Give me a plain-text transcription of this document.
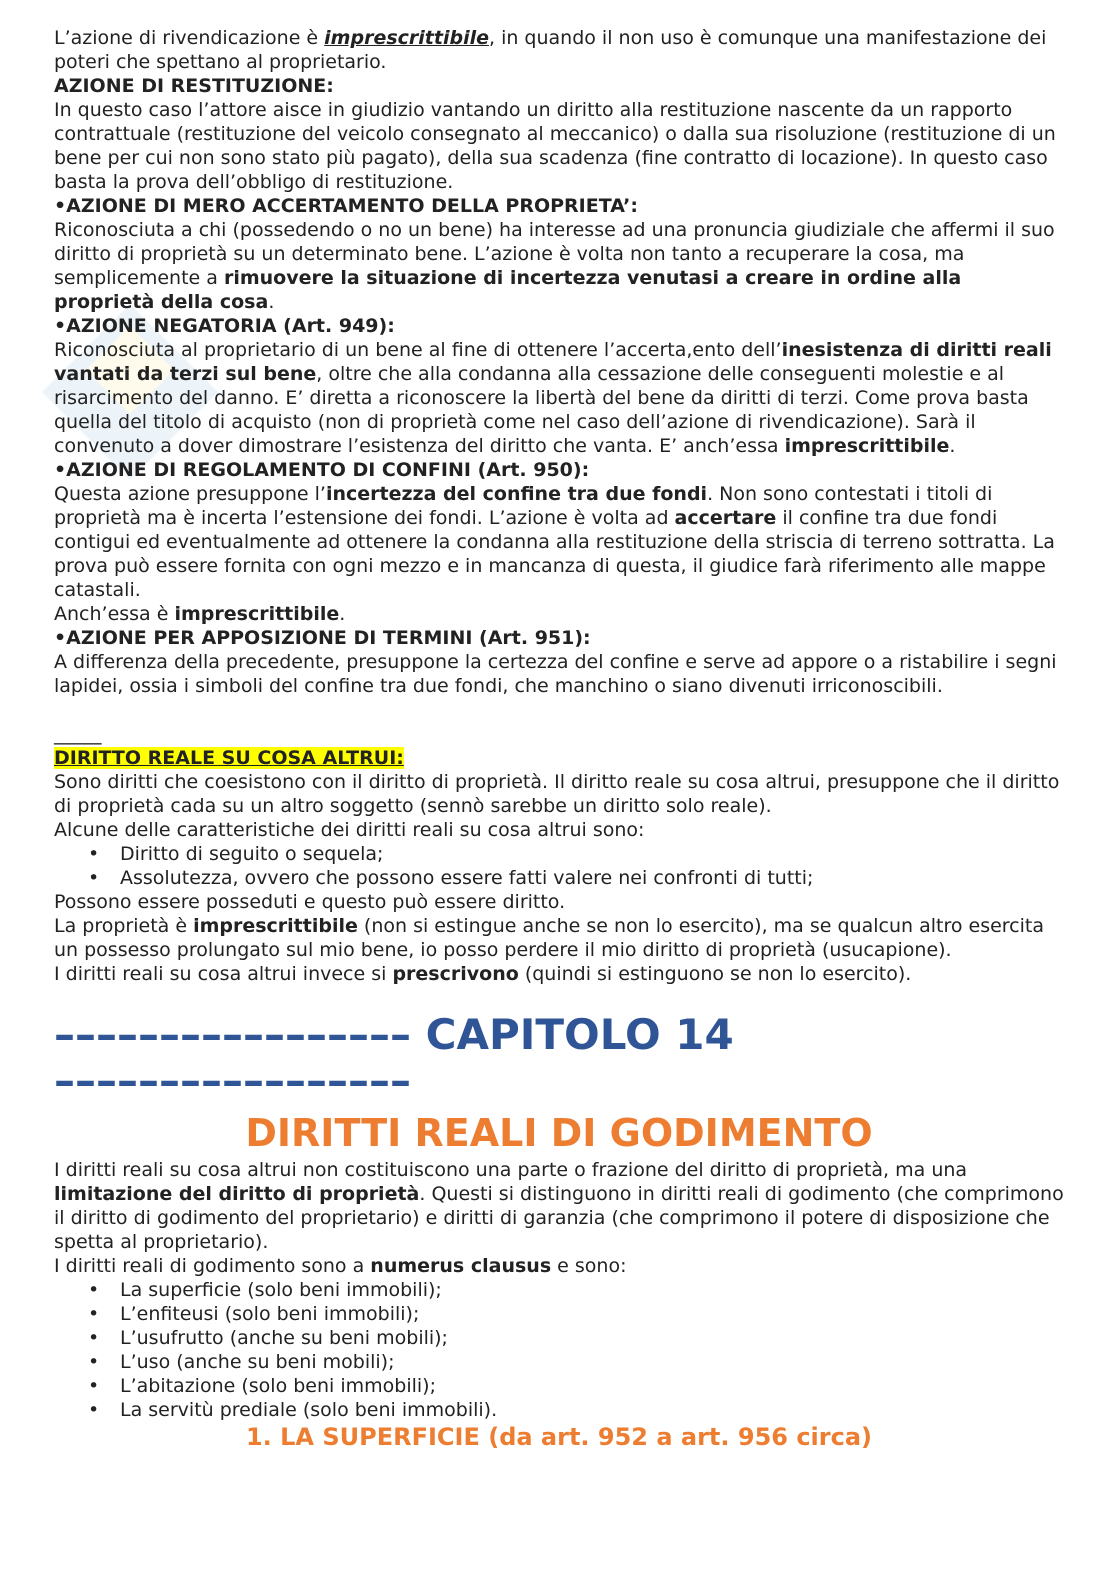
L’azione di rivendicazione è imprescrittibile, in quando il non uso è comunque una manifestazione dei poteri che spettano al proprietario.

AZIONE DI RESTITUZIONE:

In questo caso l’attore aisce in giudizio vantando un diritto alla restituzione nascente da un rapporto contrattuale (restituzione del veicolo consegnato al meccanico) o dalla sua risoluzione (restituzione di un bene per cui non sono stato più pagato), della sua scadenza (fine contratto di locazione). In questo caso basta la prova dell’obbligo di restituzione.

•AZIONE DI MERO ACCERTAMENTO DELLA PROPRIETA’:

Riconosciuta a chi (possedendo o no un bene) ha interesse ad una pronuncia giudiziale che affermi il suo diritto di proprietà su un determinato bene. L’azione è volta non tanto a recuperare la cosa, ma semplicemente a rimuovere la situazione di incertezza venutasi a creare in ordine alla proprietà della cosa.

•AZIONE NEGATORIA (Art. 949):

Riconosciuta al proprietario di un bene al fine di ottenere l’accerta,ento dell’inesistenza di diritti reali vantati da terzi sul bene, oltre che alla condanna alla cessazione delle conseguenti molestie e al risarcimento del danno. E’ diretta a riconoscere la libertà del bene da diritti di terzi. Come prova basta quella del titolo di acquisto (non di proprietà come nel caso dell’azione di rivendicazione). Sarà il convenuto a dover dimostrare l’esistenza del diritto che vanta. E’ anch’essa imprescrittibile.

•AZIONE DI REGOLAMENTO DI CONFINI (Art. 950):

Questa azione presuppone l’incertezza del confine tra due fondi. Non sono contestati i titoli di proprietà ma è incerta l’estensione dei fondi. L’azione è volta ad accertare il confine tra due fondi contigui ed eventualmente ad ottenere la condanna alla restituzione della striscia di terreno sottratta. La prova può essere fornita con ogni mezzo e in mancanza di questa, il giudice farà riferimento alle mappe catastali.

Anch’essa è imprescrittibile.

•AZIONE PER APPOSIZIONE DI TERMINI (Art. 951):

A differenza della precedente, presuppone la certezza del confine e serve ad appore o a ristabilire i segni lapidei, ossia i simboli del confine tra due fondi, che manchino o siano divenuti irriconoscibili.

_____

DIRITTO REALE SU COSA ALTRUI:

Sono diritti che coesistono con il diritto di proprietà. Il diritto reale su cosa altrui, presuppone che il diritto di proprietà cada su un altro soggetto (sennò sarebbe un diritto solo reale).

Alcune delle caratteristiche dei diritti reali su cosa altrui sono:

• Diritto di seguito o sequela;
• Assolutezza, ovvero che possono essere fatti valere nei confronti di tutti;

Possono essere posseduti e questo può essere diritto.

La proprietà è imprescrittibile (non si estingue anche se non lo esercito), ma se qualcun altro esercita un possesso prolungato sul mio bene, io posso perdere il mio diritto di proprietà (usucapione).

I diritti reali su cosa altrui invece si prescrivono (quindi si estinguono se non lo esercito).

––––––––––––––––– CAPITOLO 14
–––––––––––––––––
DIRITTI REALI DI GODIMENTO

I diritti reali su cosa altrui non costituiscono una parte o frazione del diritto di proprietà, ma una limitazione del diritto di proprietà. Questi si distinguono in diritti reali di godimento (che comprimono il diritto di godimento del proprietario) e diritti di garanzia (che comprimono il potere di disposizione che spetta al proprietario).

I diritti reali di godimento sono a numerus clausus e sono:

• La superficie (solo beni immobili);
• L’enfiteusi (solo beni immobili);
• L’usufrutto (anche su beni mobili);
• L’uso (anche su beni mobili);
• L’abitazione (solo beni immobili);
• La servitù prediale (solo beni immobili).
1. LA SUPERFICIE (da art. 952 a art. 956 circa)
